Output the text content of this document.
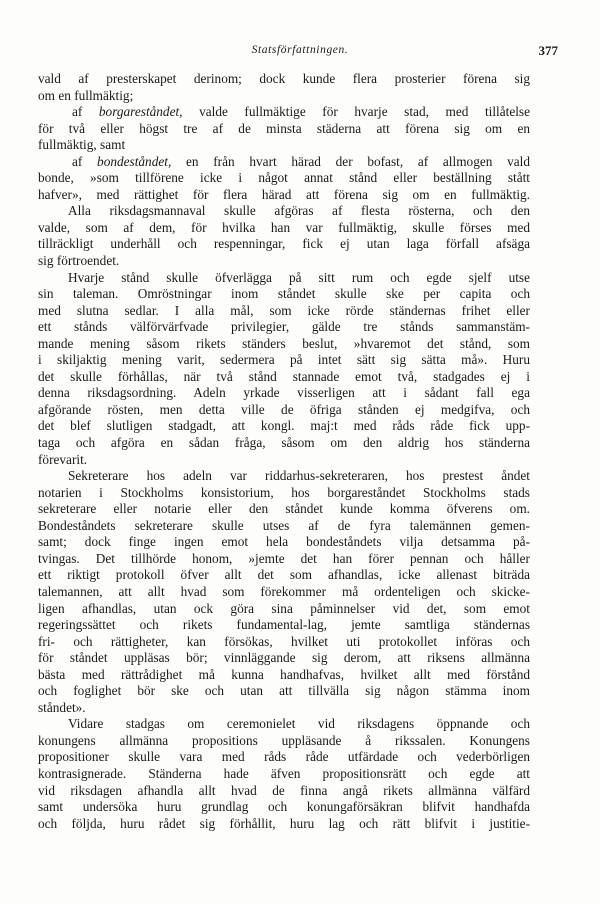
Statsförfattningen.	377
vald af presterskapet derinom; dock kunde flera prosterier förena sig
om en fullmäktig;
af borgareståndet, valde fullmäktige för hvarje stad, med tillåtelse
för två eller högst tre af de minsta städerna att förena sig om en
fullmäktig, samt
af bondeståndet, en från hvart härad der bofast, af allmogen vald
bonde, »som tillförene icke i något annat stånd eller beställning stått
hafver», med rättighet för flera härad att förena sig om en fullmäktig.
Alla riksdagsmannaval skulle afgöras af flesta rösterna, och den
valde, som af dem, för hvilka han var fullmäktig, skulle förses med
tillräckligt underhåll och respenningar, fick ej utan laga förfall afsäga
sig förtroendet.
Hvarje stånd skulle öfverlägga på sitt rum och egde sjelf utse
sin taleman. Omröstningar inom ståndet skulle ske per capita och
med slutna sedlar. I alla mål, som icke rörde ständernas frihet eller
ett stånds välförvärfvade privilegier, gälde tre stånds sammanstäm-
mande mening såsom rikets ständers beslut, »hvaremot det stånd, som
i skiljaktig mening varit, sedermera på intet sätt sig sätta må». Huru
det skulle förhållas, när två stånd stannade emot två, stadgades ej i
denna riksdagsordning. Adeln yrkade visserligen att i sådant fall ega
afgörande rösten, men detta ville de öfriga stånden ej medgifva, och
det blef slutligen stadgadt, att kongl. maj:t med råds råde fick upp-
taga och afgöra en sådan fråga, såsom om den aldrig hos ständerna
förevarit.
Sekreterare hos adeln var riddarhus-sekreteraren, hos prestest åndet
notarien i Stockholms konsistorium, hos borgareståndet Stockholms stads
sekreterare eller notarie eller den ståndet kunde komma öfverens om.
Bondeståndets sekreterare skulle utses af de fyra talemännen gemen-
samt; dock finge ingen emot hela bondeståndets vilja detsamma på-
tvingas. Det tillhörde honom, »jemte det han förer pennan och håller
ett riktigt protokoll öfver allt det som afhandlas, icke allenast biträda
talemannen, att allt hvad som förekommer må ordenteligen och skicke-
ligen afhandlas, utan ock göra sina påminnelser vid det, som emot
regeringssättet och rikets fundamental-lag, jemte samtliga ständernas
fri- och rättigheter, kan försökas, hvilket uti protokollet införas och
för ståndet uppläsas bör; vinnläggande sig derom, att riksens allmänna
bästa med rättrådighet må kunna handhafvas, hvilket allt med förstånd
och foglighet bör ske och utan att tillvälla sig någon stämma inom
ståndet».
Vidare stadgas om ceremonielet vid riksdagens öppnande och
konungens allmänna propositions uppläsande å rikssalen. Konungens
propositioner skulle vara med råds råde utfärdade och vederbörligen
kontrasignerade. Ständerna hade äfven propositionsrätt och egde att
vid riksdagen afhandla allt hvad de finna angå rikets allmänna välfärd
samt undersöka huru grundlag och konungaförsäkran blifvit handhafda
och följda, huru rådet sig förhållit, huru lag och rätt blifvit i justitie-
